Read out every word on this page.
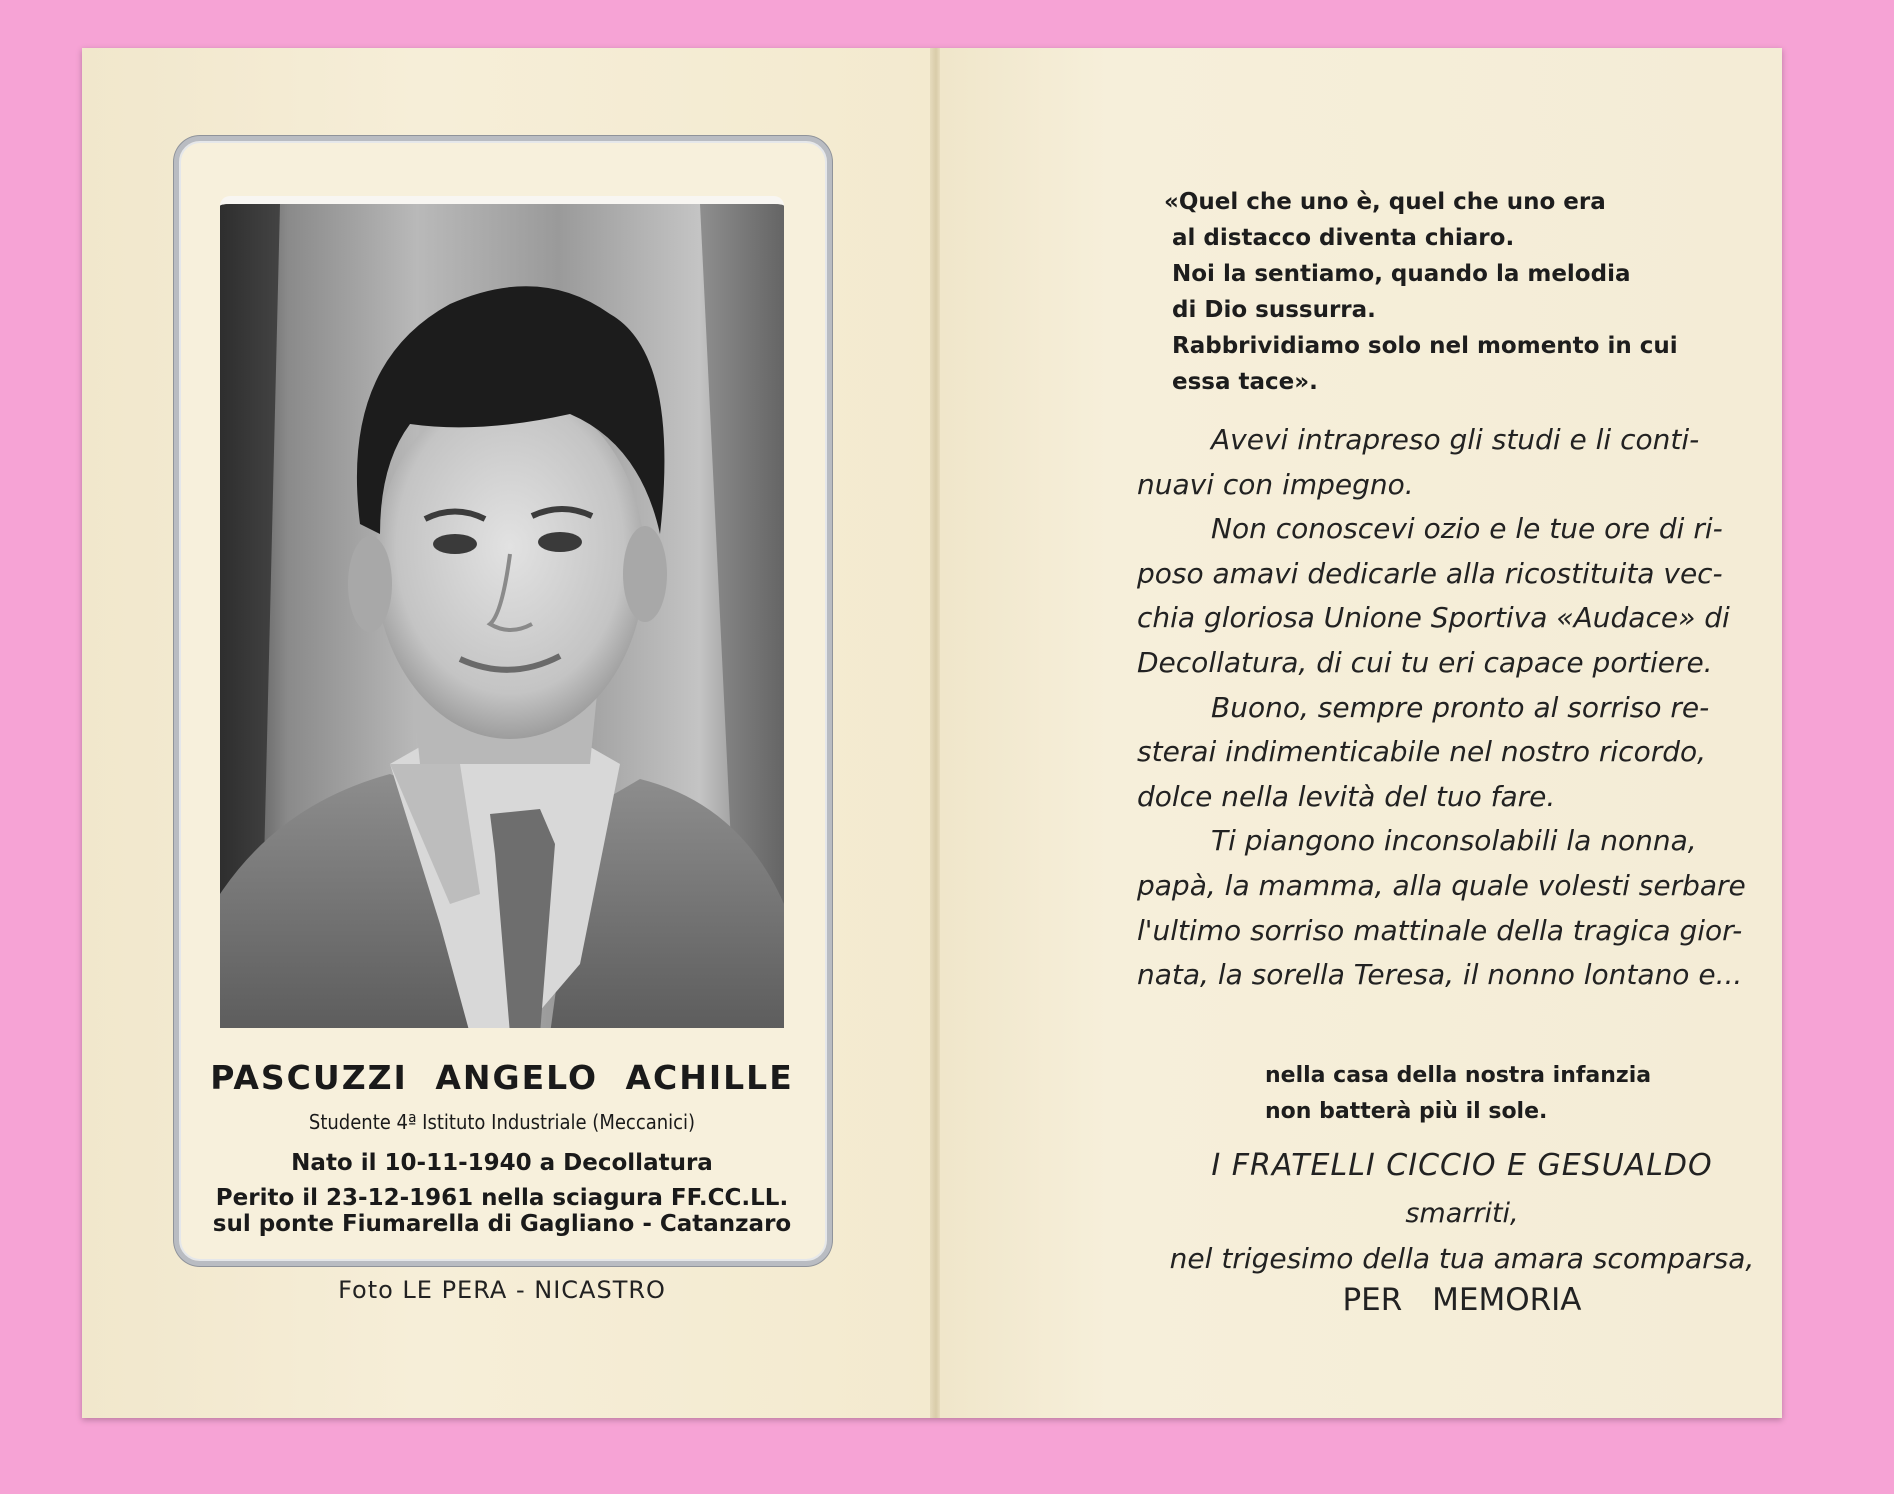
PASCUZZI ANGELO ACHILLE
Studente 4ª Istituto Industriale (Meccanici)
Nato il 10-11-1940 a Decollatura
Perito il 23-12-1961 nella sciagura FF.CC.LL.
sul ponte Fiumarella di Gagliano - Catanzaro
Foto LE PERA - NICASTRO
«Quel che uno è, quel che uno era
al distacco diventa chiaro.
Noi la sentiamo, quando la melodia
di Dio sussurra.
Rabbrividiamo solo nel momento in cui
essa tace».
Avevi intrapreso gli studi e li conti-
nuavi con impegno.
Non conoscevi ozio e le tue ore di ri-
poso amavi dedicarle alla ricostituita vec-
chia gloriosa Unione Sportiva «Audace» di
Decollatura, di cui tu eri capace portiere.
Buono, sempre pronto al sorriso re-
sterai indimenticabile nel nostro ricordo,
dolce nella levità del tuo fare.
Ti piangono inconsolabili la nonna,
papà, la mamma, alla quale volesti serbare
l'ultimo sorriso mattinale della tragica gior-
nata, la sorella Teresa, il nonno lontano e...
nella casa della nostra infanzia
non batterà più il sole.
I FRATELLI CICCIO E GESUALDO
smarriti,
nel trigesimo della tua amara scomparsa,
PER MEMORIA
